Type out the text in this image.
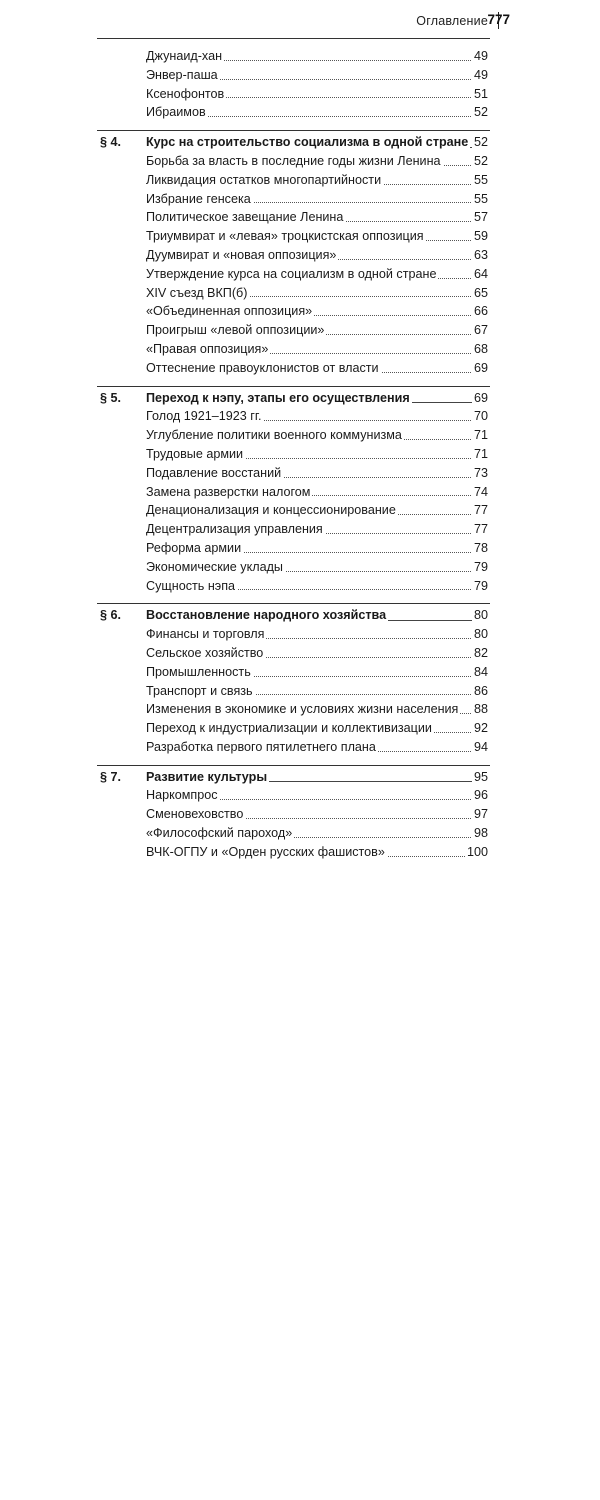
Оглавление 777
Джунаид-хан	49
Энвер-паша	49
Ксенофонтов	51
Ибраимов	52
§ 4. Курс на строительство социализма в одной стране 52
Борьба за власть в последние годы жизни Ленина	52
Ликвидация остатков многопартийности	55
Избрание генсека	55
Политическое завещание Ленина	57
Триумвират и «левая» троцкистская оппозиция	59
Дуумвират и «новая оппозиция»	63
Утверждение курса на социализм в одной стране	64
XIV съезд ВКП(б)	65
«Объединенная оппозиция»	66
Проигрыш «левой оппозиции»	67
«Правая оппозиция»	68
Оттеснение правоуклонистов от власти	69
§ 5. Переход к нэпу, этапы его осуществления	69
Голод 1921–1923 гг.	70
Углубление политики военного коммунизма	71
Трудовые армии	71
Подавление восстаний	73
Замена разверстки налогом	74
Денационализация и концессионирование	77
Децентрализация управления	77
Реформа армии	78
Экономические уклады	79
Сущность нэпа	79
§ 6. Восстановление народного хозяйства	80
Финансы и торговля	80
Сельское хозяйство	82
Промышленность	84
Транспорт и связь	86
Изменения в экономике и условиях жизни населения 88
Переход к индустриализации и коллективизации	92
Разработка первого пятилетнего плана	94
§ 7. Развитие культуры	95
Наркомпрос	96
Сменовеховство	97
«Философский пароход»	98
ВЧК-ОГПУ и «Орден русских фашистов»	100
